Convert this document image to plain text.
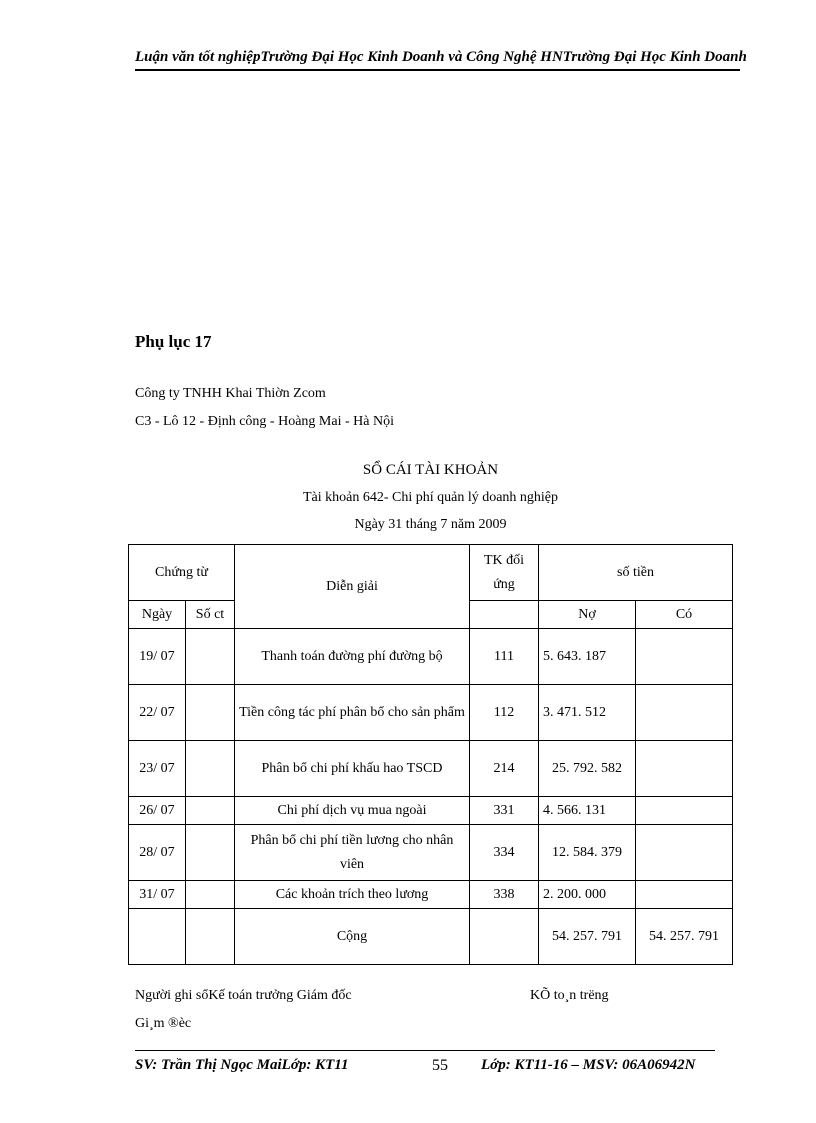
Luận văn tốt nghiệpTrường Đại Học Kinh Doanh và Công Nghệ HNTrường Đại Học Kinh Doanh
Phụ lục 17
Công ty TNHH Khai Thiờn Zcom
C3 - Lô 12 - Định công - Hoàng Mai - Hà Nội
SỔ CÁI TÀI KHOẢN
Tài khoản 642- Chi phí quản lý doanh nghiệp
Ngày 31 tháng 7 năm 2009
Chứng từ		Diễn giải	TK đối ứng	số tiền	
Ngày	Số ct			Nợ	Có
19/ 07		Thanh toán đường phí đường bộ	111	5. 643. 187	
22/ 07		Tiền công tác phí phân bổ cho sản phẩm	112	3. 471. 512	
23/ 07		Phân bổ chi phí khấu hao TSCD	214	25. 792. 582	
26/ 07		Chi phí dịch vụ mua ngoài	331	4. 566. 131	
28/ 07		Phân bổ chi phí tiền lương cho nhân viên	334	12. 584. 379	
31/ 07		Các khoản trích theo lương	338	2. 200. 000	
		Cộng		54. 257. 791	54. 257. 791
Người ghi sổKế toán trưởng Giám đốc	KÕ to¸n trëng
Gi¸m ®èc
SV: Trần Thị Ngọc MaiLớp: KT11	55 Lớp: KT11-16 – MSV: 06A06942N
